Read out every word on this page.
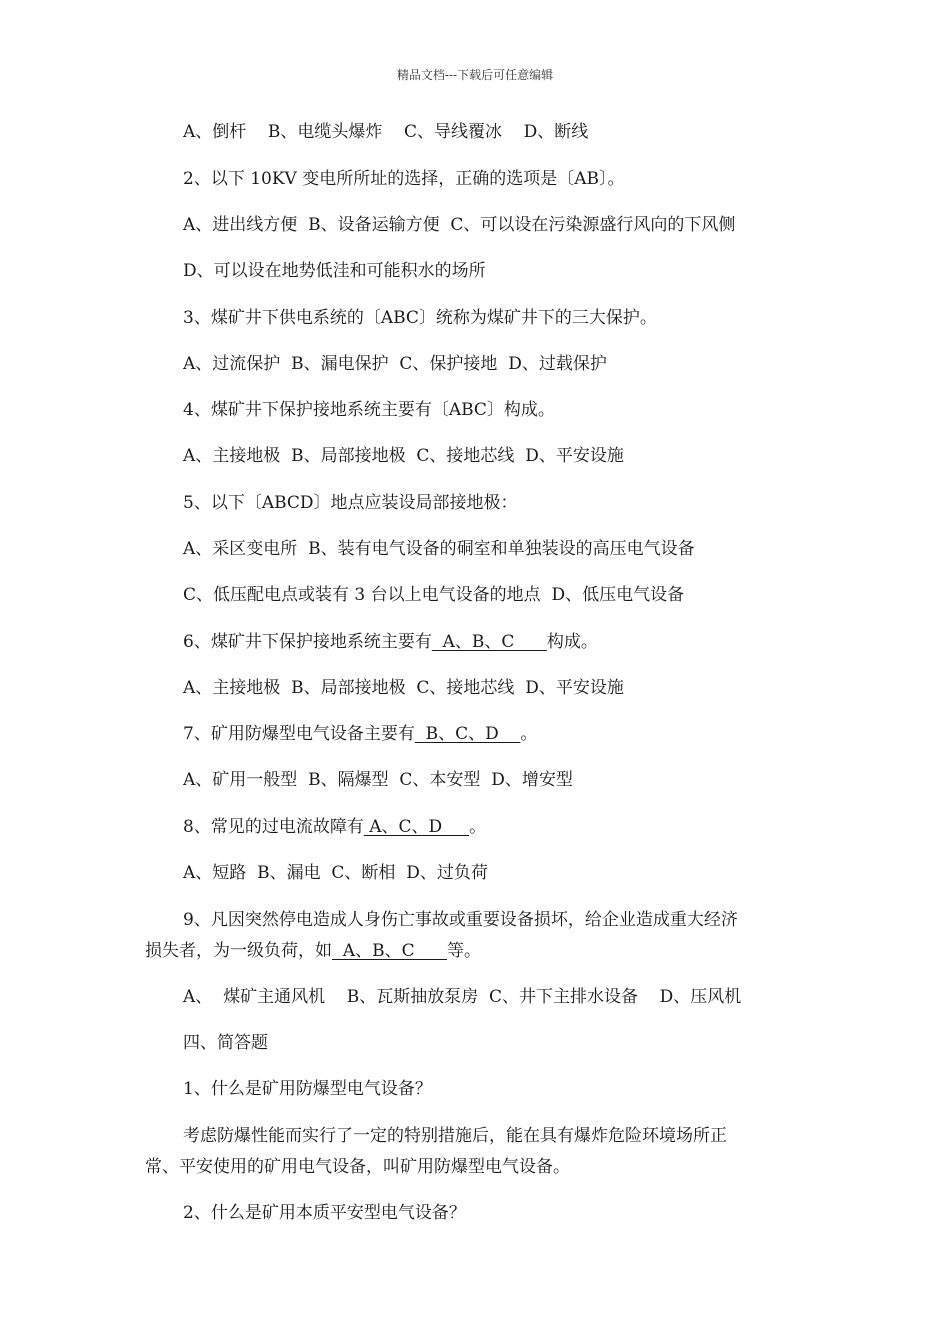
精品文档---下载后可任意编辑
A、倒杆    B、电缆头爆炸    C、导线覆冰    D、断线
2、以下 10KV 变电所所址的选择，正确的选项是〔AB〕。
A、进出线方便  B、设备运输方便  C、可以设在污染源盛行风向的下风侧
D、可以设在地势低洼和可能积水的场所
3、煤矿井下供电系统的〔ABC〕统称为煤矿井下的三大保护。
A、过流保护  B、漏电保护  C、保护接地  D、过载保护
4、煤矿井下保护接地系统主要有〔ABC〕构成。
A、主接地极  B、局部接地极  C、接地芯线  D、平安设施
5、以下〔ABCD〕地点应装设局部接地极：
A、采区变电所  B、装有电气设备的硐室和单独装设的高压电气设备
C、低压配电点或装有 3 台以上电气设备的地点  D、低压电气设备
6、煤矿井下保护接地系统主要有  A、B、C      构成。
A、主接地极  B、局部接地极  C、接地芯线  D、平安设施
7、矿用防爆型电气设备主要有  B、C、D    。
A、矿用一般型  B、隔爆型  C、本安型  D、增安型
8、常见的过电流故障有 A、C、D     。
A、短路  B、漏电  C、断相  D、过负荷
9、凡因突然停电造成人身伤亡事故或重要设备损坏，给企业造成重大经济
损失者，为一级负荷，如  A、B、C      等。
A、  煤矿主通风机    B、瓦斯抽放泵房  C、井下主排水设备    D、压风机
四、简答题
1、什么是矿用防爆型电气设备？
考虑防爆性能而实行了一定的特别措施后，能在具有爆炸危险环境场所正
常、平安使用的矿用电气设备，叫矿用防爆型电气设备。
2、什么是矿用本质平安型电气设备？
